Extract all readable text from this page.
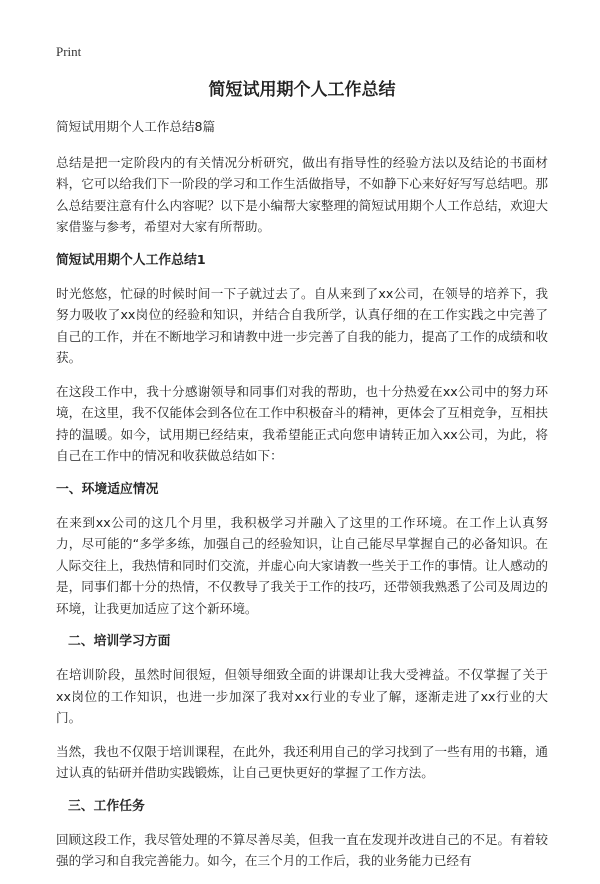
Print
简短试用期个人工作总结
简短试用期个人工作总结8篇

总结是把一定阶段内的有关情况分析研究，做出有指导性的经验方法以及结论的书面材料，它可以给我们下一阶段的学习和工作生活做指导，不如静下心来好好写写总结吧。那么总结要注意有什么内容呢？以下是小编帮大家整理的简短试用期个人工作总结，欢迎大家借鉴与参考，希望对大家有所帮助。

简短试用期个人工作总结1

时光悠悠，忙碌的时候时间一下子就过去了。自从来到了xx公司，在领导的培养下，我努力吸收了xx岗位的经验和知识，并结合自我所学，认真仔细的在工作实践之中完善了自己的工作，并在不断地学习和请教中进一步完善了自我的能力，提高了工作的成绩和收获。

在这段工作中，我十分感谢领导和同事们对我的帮助，也十分热爱在xx公司中的努力环境，在这里，我不仅能体会到各位在工作中积极奋斗的精神，更体会了互相竞争，互相扶持的温暖。如今，试用期已经结束，我希望能正式向您申请转正加入xx公司，为此，将自己在工作中的情况和收获做总结如下：

一、环境适应情况

在来到xx公司的这几个月里，我积极学习并融入了这里的工作环境。在工作上认真努力，尽可能的“多学多练，加强自己的经验知识，让自己能尽早掌握自己的必备知识。在人际交往上，我热情和同时们交流，并虚心向大家请教一些关于工作的事情。让人感动的是，同事们都十分的热情，不仅教导了我关于工作的技巧，还带领我熟悉了公司及周边的环境，让我更加适应了这个新环境。

二、培训学习方面

在培训阶段，虽然时间很短，但领导细致全面的讲课却让我大受裨益。不仅掌握了关于xx岗位的工作知识，也进一步加深了我对xx行业的专业了解，逐渐走进了xx行业的大门。

当然，我也不仅限于培训课程，在此外，我还利用自己的学习找到了一些有用的书籍，通过认真的钻研并借助实践锻炼，让自己更快更好的掌握了工作方法。

三、工作任务

回顾这段工作，我尽管处理的不算尽善尽美，但我一直在发现并改进自己的不足。有着较强的学习和自我完善能力。如今，在三个月的工作后，我的业务能力已经有
